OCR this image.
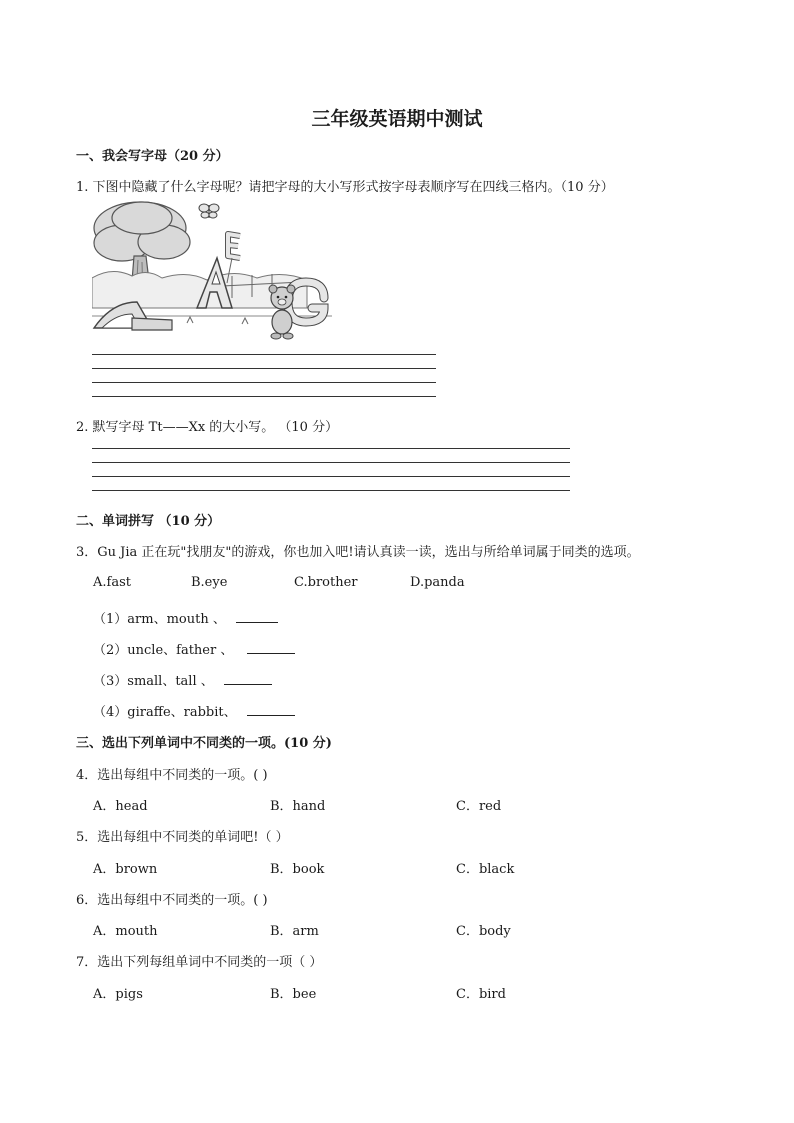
三年级英语期中测试
一、我会写字母（20 分）
1. 下图中隐藏了什么字母呢？请把字母的大小写形式按字母表顺序写在四线三格内。（10 分）
2. 默写字母 Tt——Xx 的大小写。 （10 分）
二、单词拼写 （10 分）
3．Gu Jia 正在玩"找朋友"的游戏，你也加入吧!请认真读一读，选出与所给单词属于同类的选项。
A.fast	B.eye	C.brother	D.panda
（1）arm、mouth 、
（2）uncle、father 、
（3）small、tall 、
（4）giraffe、rabbit、
三、选出下列单词中不同类的一项。(10 分)
4．选出每组中不同类的一项。( )
A．head	B．hand	C．red
5．选出每组中不同类的单词吧!（ ）
A．brown	B．book	C．black
6．选出每组中不同类的一项。( )
A．mouth	B．arm	C．body
7．选出下列每组单词中不同类的一项（ ）
A．pigs	B．bee	C．bird
